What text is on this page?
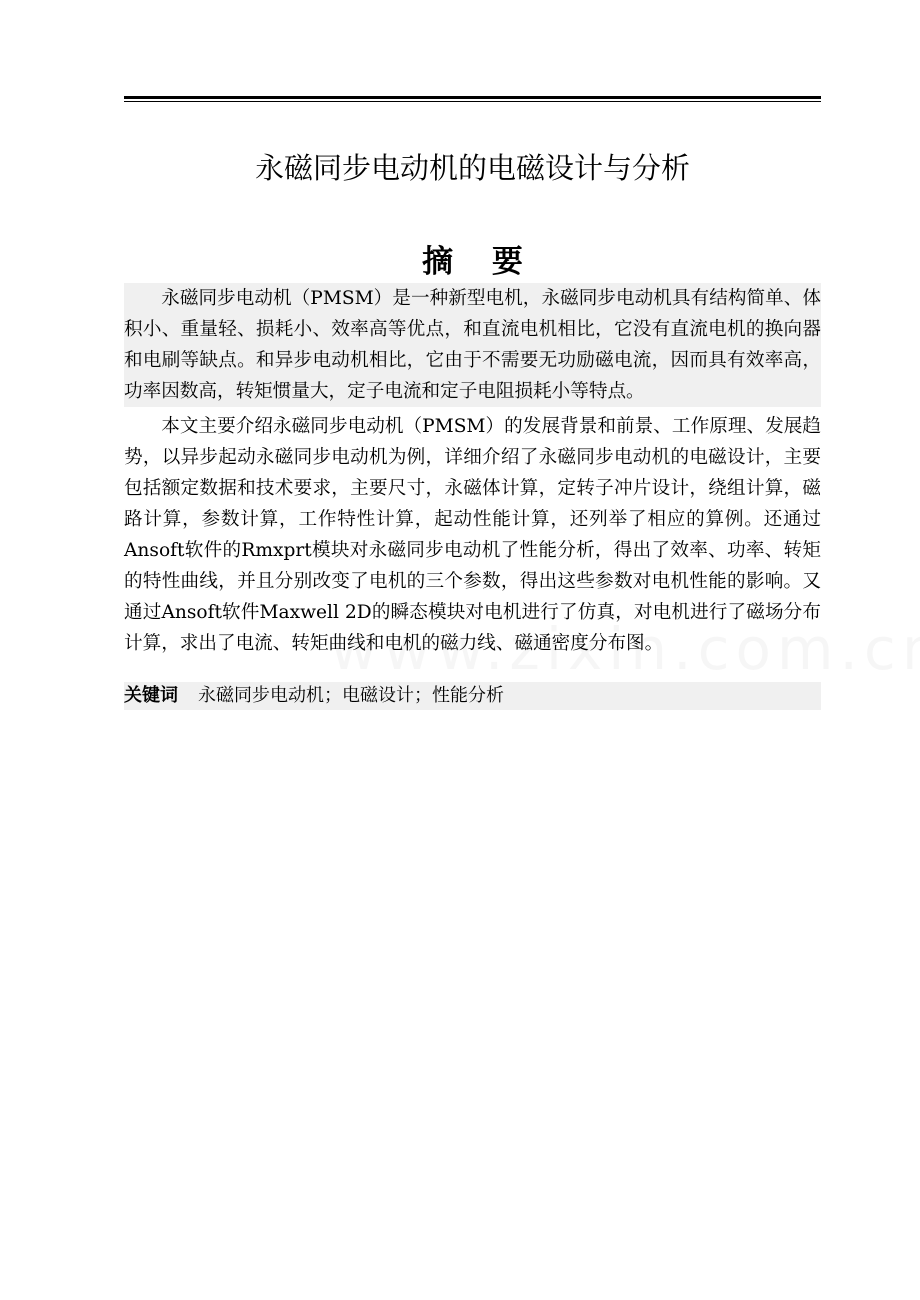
永磁同步电动机的电磁设计与分析
摘 要

永磁同步电动机（PMSM）是一种新型电机，永磁同步电动机具有结构简单、体积小、重量轻、损耗小、效率高等优点，和直流电机相比，它没有直流电机的换向器和电刷等缺点。和异步电动机相比，它由于不需要无功励磁电流，因而具有效率高，功率因数高，转矩惯量大，定子电流和定子电阻损耗小等特点。

本文主要介绍永磁同步电动机（PMSM）的发展背景和前景、工作原理、发展趋势，以异步起动永磁同步电动机为例，详细介绍了永磁同步电动机的电磁设计，主要包括额定数据和技术要求，主要尺寸，永磁体计算，定转子冲片设计，绕组计算，磁路计算，参数计算，工作特性计算，起动性能计算，还列举了相应的算例。还通过Ansoft软件的Rmxprt模块对永磁同步电动机了性能分析，得出了效率、功率、转矩的特性曲线，并且分别改变了电机的三个参数，得出这些参数对电机性能的影响。又通过Ansoft软件Maxwell 2D的瞬态模块对电机进行了仿真，对电机进行了磁场分布计算，求出了电流、转矩曲线和电机的磁力线、磁通密度分布图。

关键词 永磁同步电动机；电磁设计；性能分析
